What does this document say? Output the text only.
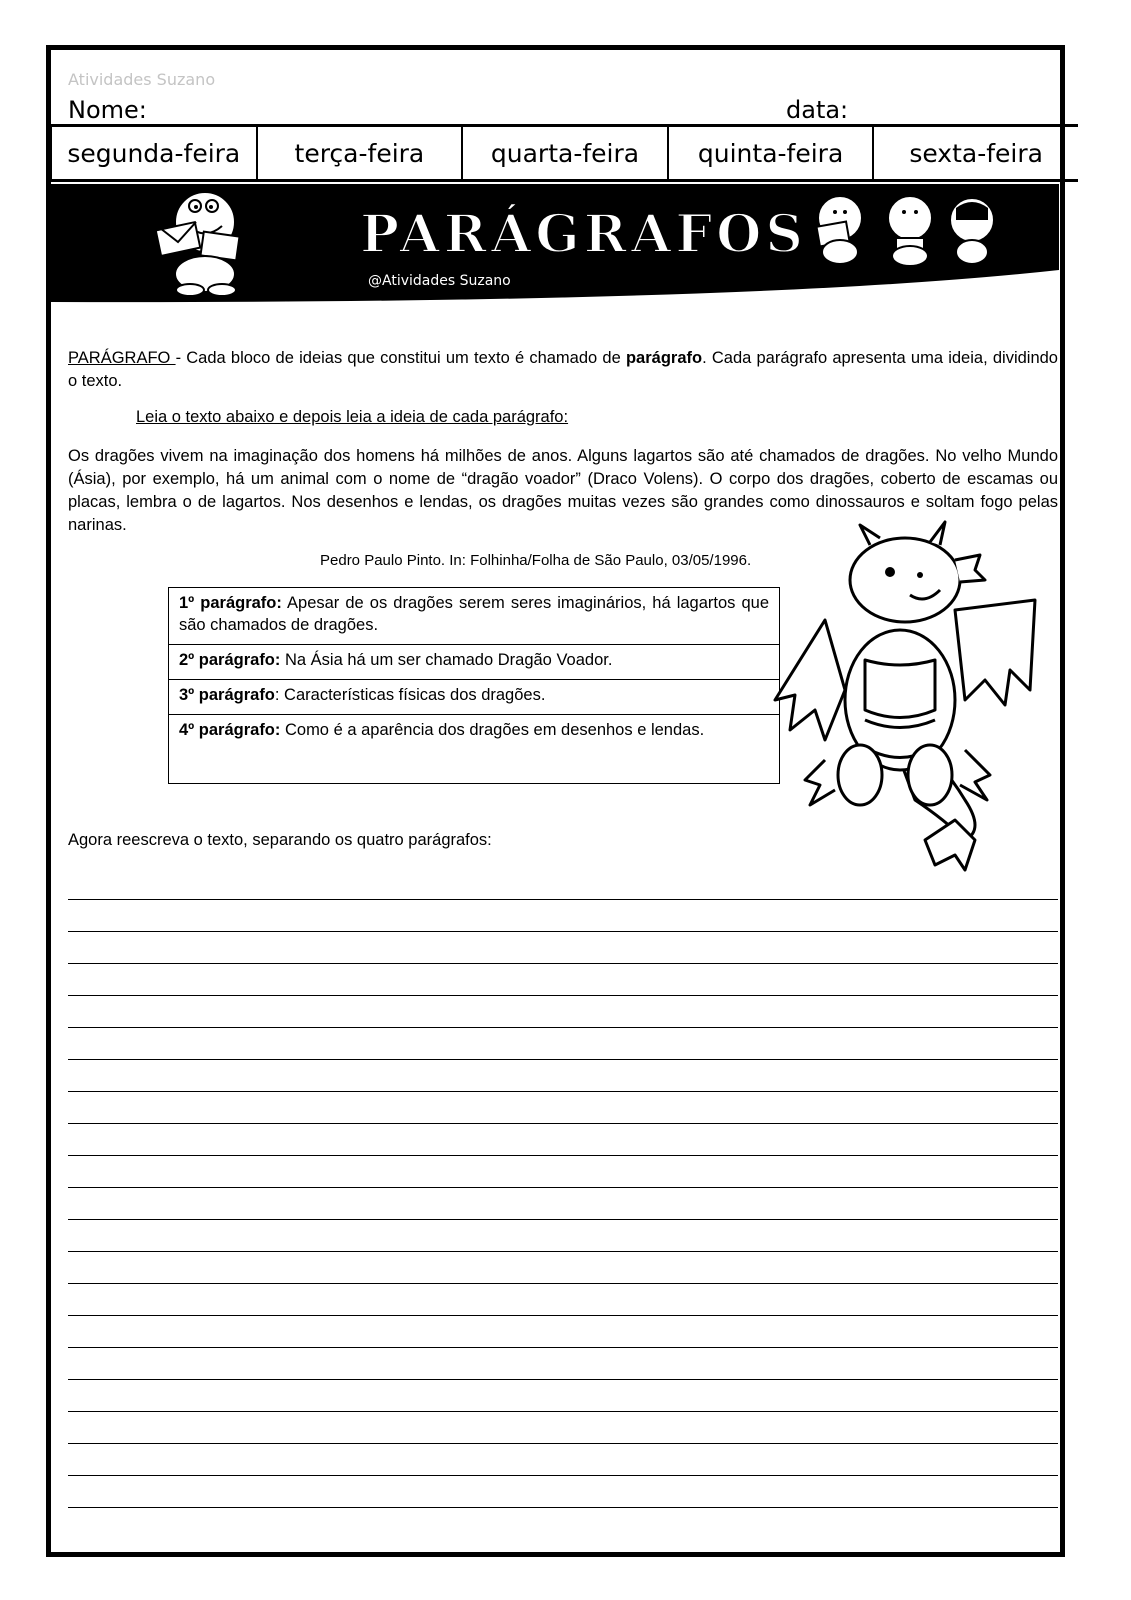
Atividades Suzano
Nome:	data:
segunda-feira	terça-feira	quarta-feira	quinta-feira	sexta-feira
PARÁGRAFOS
@Atividades Suzano
PARÁGRAFO - Cada bloco de ideias que constitui um texto é chamado de parágrafo. Cada parágrafo apresenta uma ideia, dividindo o texto.
Leia o texto abaixo e depois leia a ideia de cada parágrafo:
Os dragões vivem na imaginação dos homens há milhões de anos. Alguns lagartos são até chamados de dragões. No velho Mundo (Ásia), por exemplo, há um animal com o nome de “dragão voador” (Draco Volens). O corpo dos dragões, coberto de escamas ou placas, lembra o de lagartos. Nos desenhos e lendas, os dragões muitas vezes são grandes como dinossauros e soltam fogo pelas narinas.
Pedro Paulo Pinto. In: Folhinha/Folha de São Paulo, 03/05/1996.
1º parágrafo: Apesar de os dragões serem seres imaginários, há lagartos que são chamados de dragões.
2º parágrafo: Na Ásia há um ser chamado Dragão Voador.
3º parágrafo: Características físicas dos dragões.
4º parágrafo: Como é a aparência dos dragões em desenhos e lendas.
Agora reescreva o texto, separando os quatro parágrafos:
